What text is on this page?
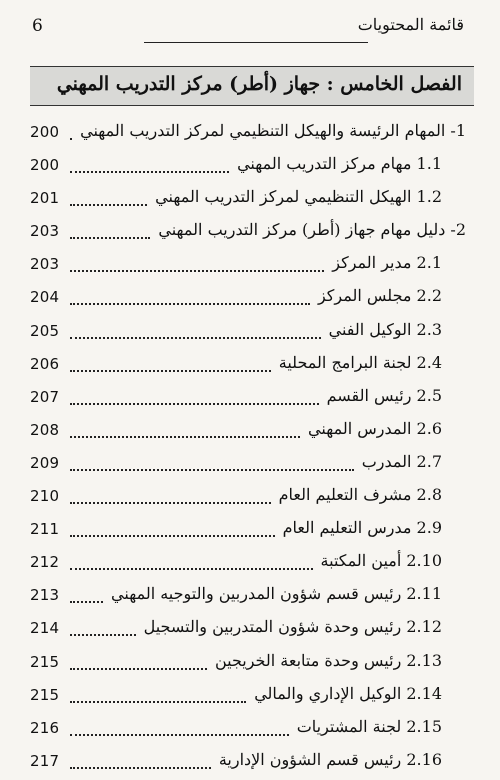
6	قائمة المحتويات
الفصل الخامس : جهاز (أطر) مركز التدريب المهني
200 1- المهام الرئيسة والهيكل التنظيمي لمركز التدريب المهني
200	1.1 مهام مركز التدريب المهني
201	1.2 الهيكل التنظيمي لمركز التدريب المهني
203	2- دليل مهام جهاز (أطر) مركز التدريب المهني
203	2.1 مدير المركز
204	2.2 مجلس المركز
205	2.3 الوكيل الفني
206	2.4 لجنة البرامج المحلية
207	2.5 رئيس القسم
208	2.6 المدرس المهني
209	2.7 المدرب
210	2.8 مشرف التعليم العام
211	2.9 مدرس التعليم العام
212	2.10 أمين المكتبة
213	2.11 رئيس قسم شؤون المدربين والتوجيه المهني
214	2.12 رئيس وحدة شؤون المتدربين والتسجيل
215	2.13 رئيس وحدة متابعة الخريجين
215	2.14 الوكيل الإداري والمالي
216	2.15 لجنة المشتريات
217	2.16 رئيس قسم الشؤون الإدارية
